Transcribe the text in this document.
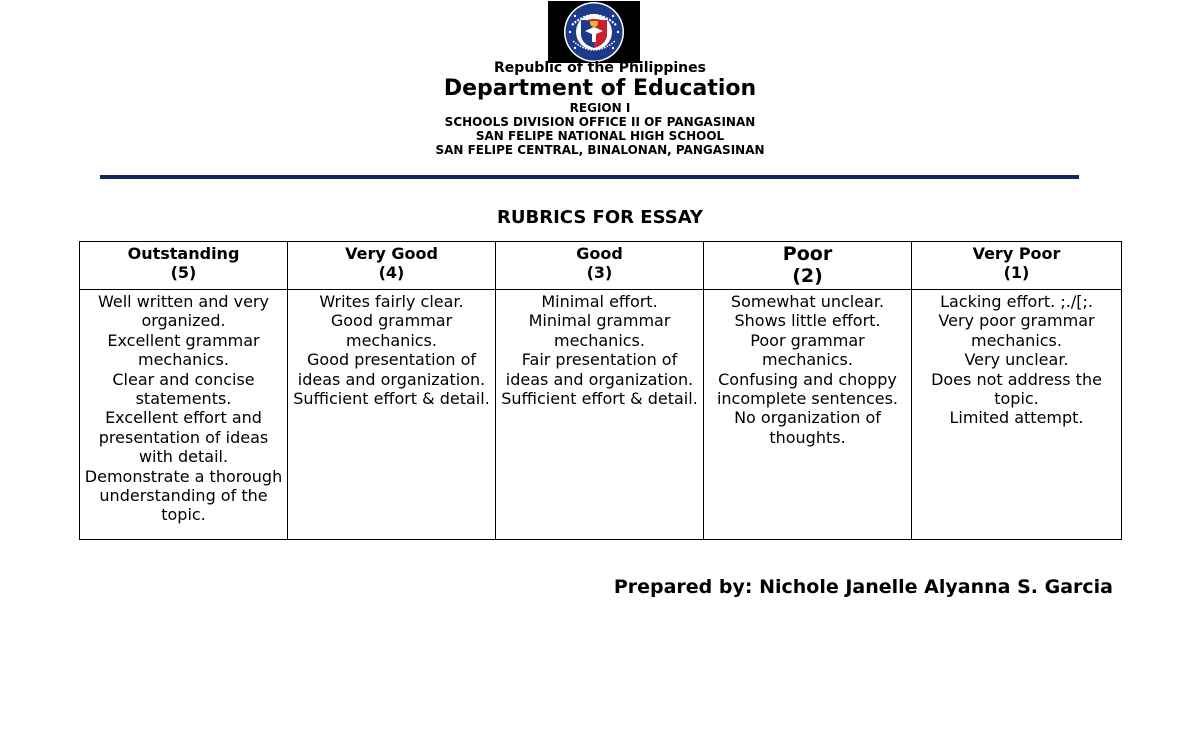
Republic of the Philippines
Department of Education
REGION I
SCHOOLS DIVISION OFFICE II OF PANGASINAN
SAN FELIPE NATIONAL HIGH SCHOOL
SAN FELIPE CENTRAL, BINALONAN, PANGASINAN
RUBRICS FOR ESSAY
Outstanding
(5)	Very Good
(4)	Good
(3)	Poor
(2)	Very Poor
(1)

Well written and very organized.
Excellent grammar mechanics.
Clear and concise statements.
Excellent effort and presentation of ideas with detail.
Demonstrate a thorough understanding of the topic.	Writes fairly clear.
Good grammar mechanics.
Good presentation of ideas and organization.
Sufficient effort & detail.	Minimal effort.
Minimal grammar mechanics.
Fair presentation of ideas and organization.
Sufficient effort & detail.	Somewhat unclear.
Shows little effort.
Poor grammar mechanics.
Confusing and choppy incomplete sentences.
No organization of thoughts.	Lacking effort. ;./[;.
Very poor grammar mechanics.
Very unclear.
Does not address the topic.
Limited attempt.
Prepared by: Nichole Janelle Alyanna S. Garcia
